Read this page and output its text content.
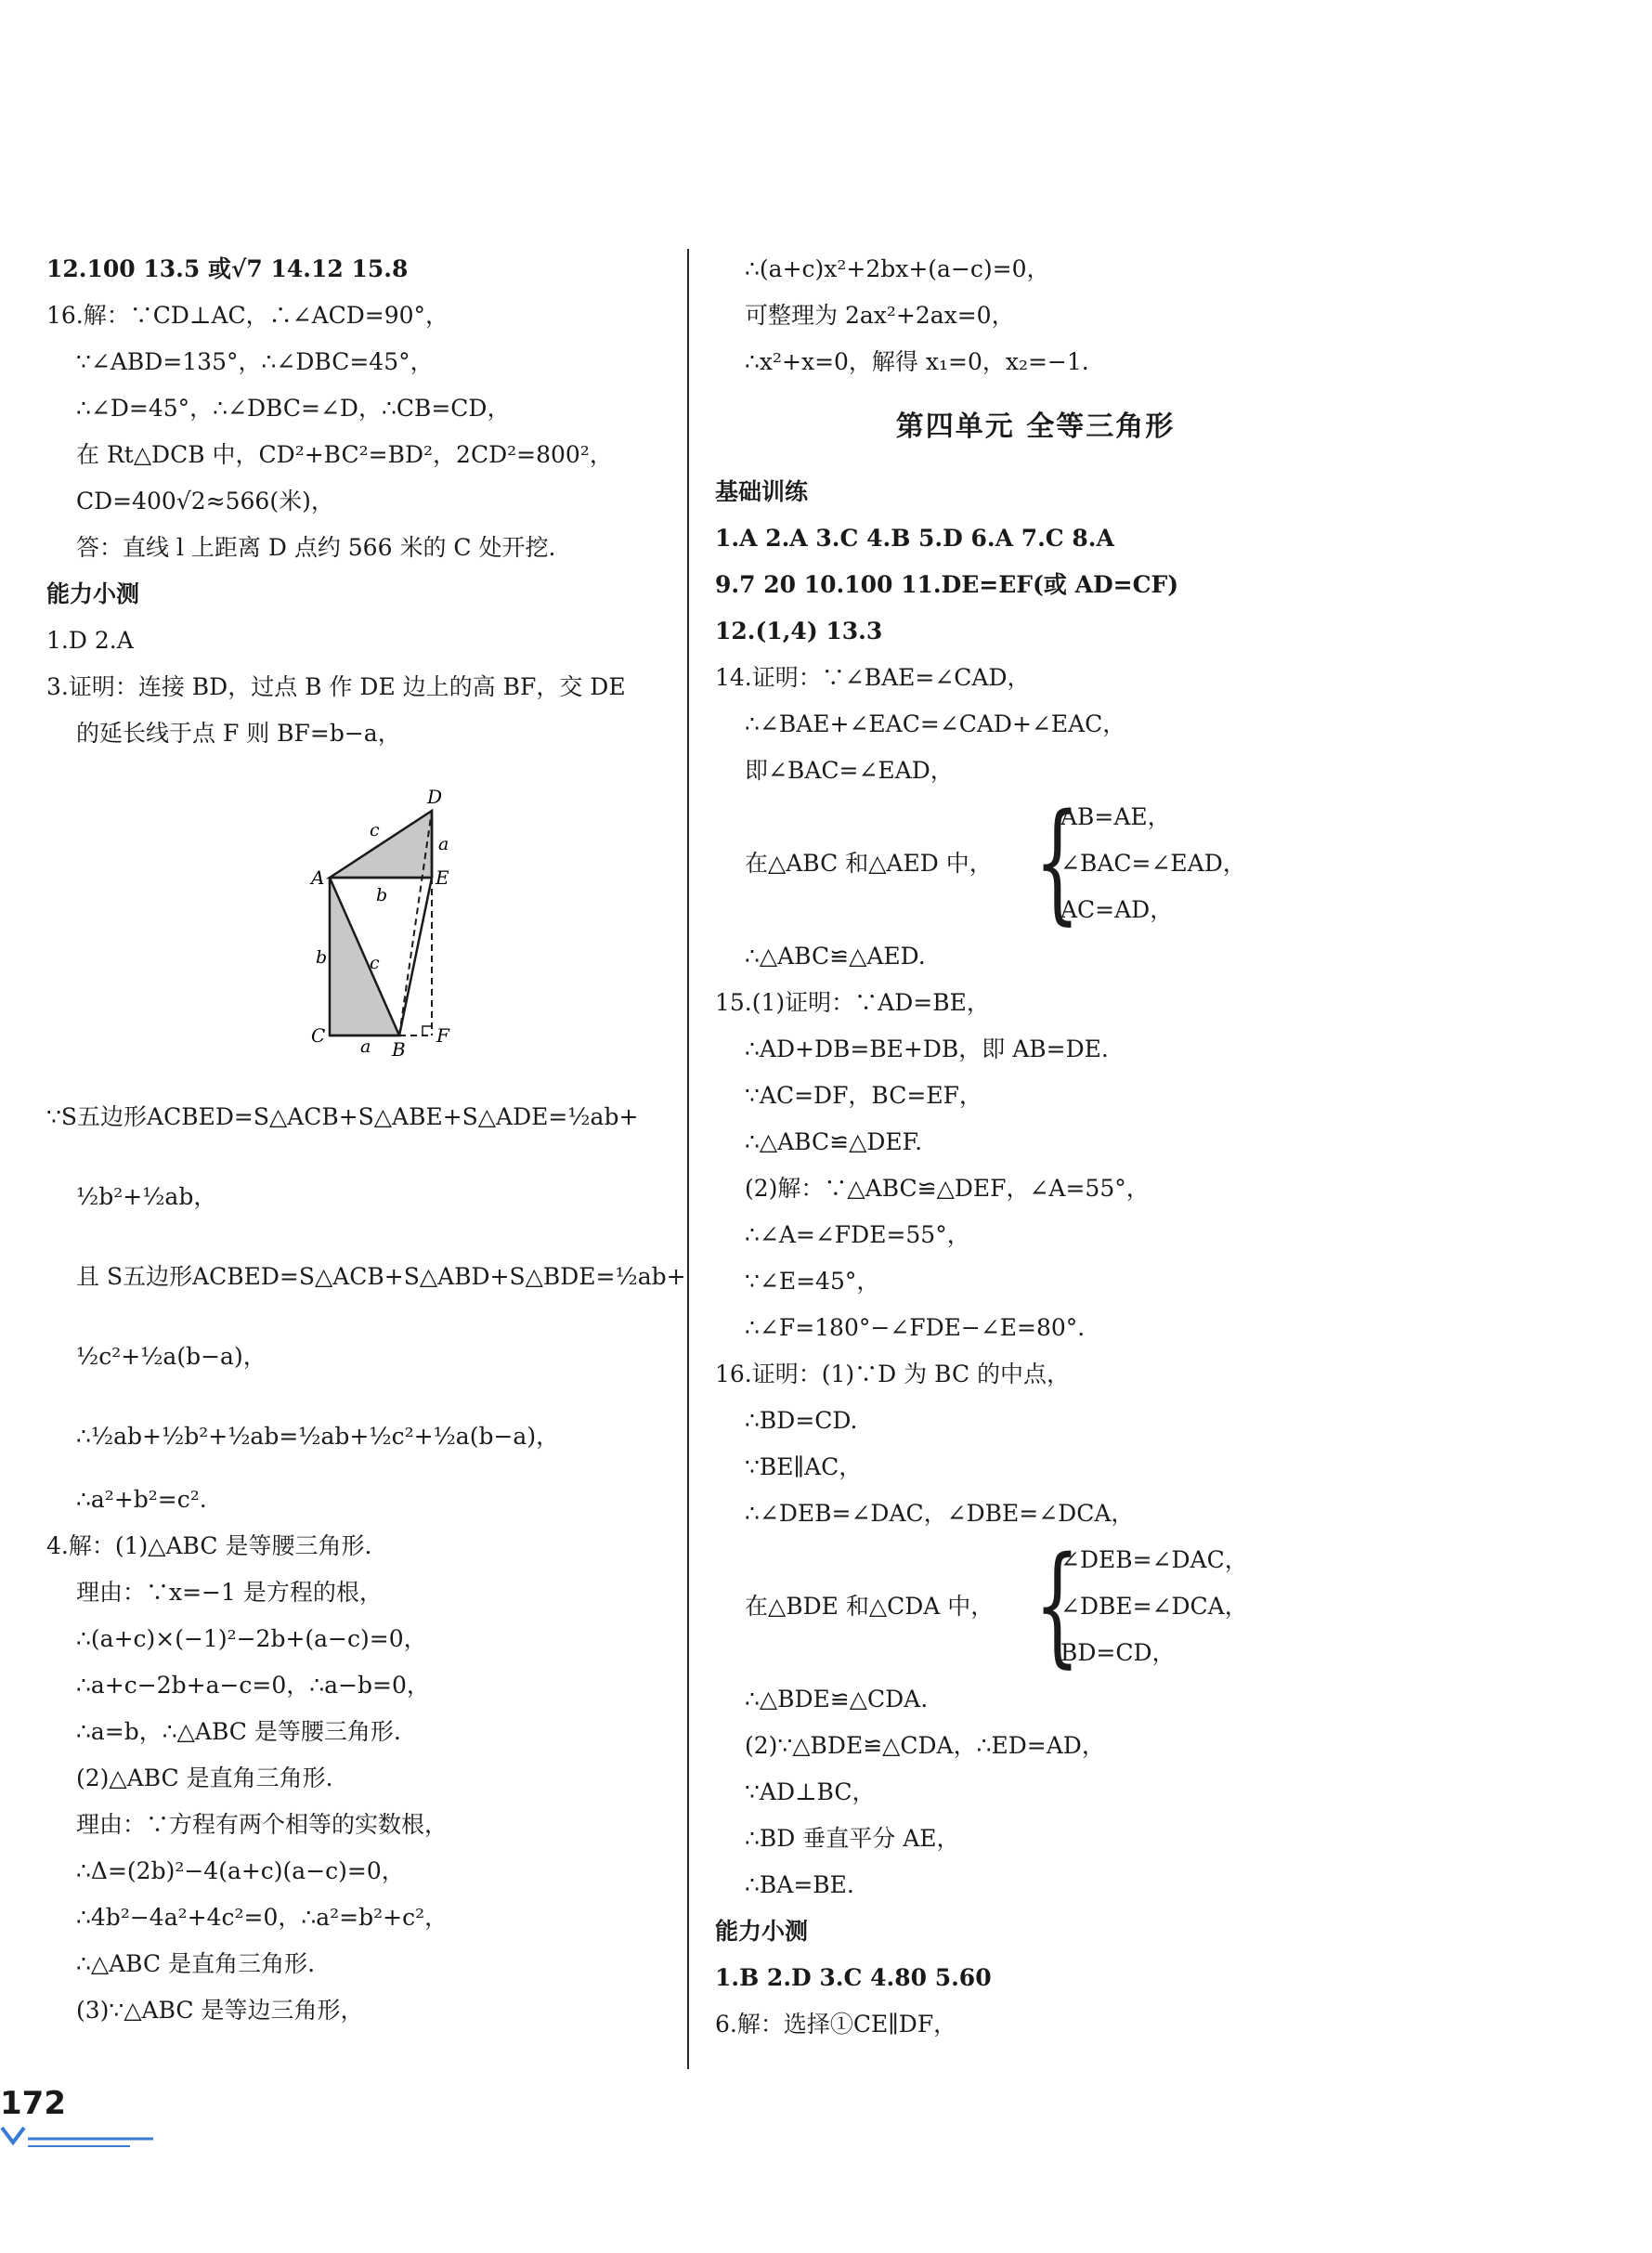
12.100 13.5 或√7 14.12 15.8
16.解：∵CD⊥AC，∴∠ACD=90°，
∵∠ABD=135°，∴∠DBC=45°，
∴∠D=45°，∴∠DBC=∠D，∴CB=CD，
在 Rt△DCB 中，CD²+BC²=BD²，2CD²=800²，
CD=400√2≈566(米)，
答：直线 l 上距离 D 点约 566 米的 C 处开挖.
能力小测
1.D 2.A
3.证明：连接 BD，过点 B 作 DE 边上的高 BF，交 DE
的延长线于点 F 则 BF=b−a，
D
A	E
C
B
F
a
a
b
b
c
c
∵S五边形ACBED=S△ACB+S△ABE+S△ADE=½ab+
½b²+½ab，
且 S五边形ACBED=S△ACB+S△ABD+S△BDE=½ab+
½c²+½a(b−a)，
∴½ab+½b²+½ab=½ab+½c²+½a(b−a)，
∴a²+b²=c².
4.解：(1)△ABC 是等腰三角形.
理由：∵x=−1 是方程的根，
∴(a+c)×(−1)²−2b+(a−c)=0，
∴a+c−2b+a−c=0，∴a−b=0，
∴a=b，∴△ABC 是等腰三角形.
(2)△ABC 是直角三角形.
理由：∵方程有两个相等的实数根，
∴Δ=(2b)²−4(a+c)(a−c)=0，
∴4b²−4a²+4c²=0，∴a²=b²+c²，
∴△ABC 是直角三角形.
(3)∵△ABC 是等边三角形，
∴(a+c)x²+2bx+(a−c)=0，
可整理为 2ax²+2ax=0，
∴x²+x=0，解得 x₁=0，x₂=−1.
第四单元 全等三角形
基础训练
1.A 2.A 3.C 4.B 5.D 6.A 7.C 8.A
9.7 20 10.100 11.DE=EF(或 AD=CF)
12.(1,4) 13.3
14.证明：∵∠BAE=∠CAD，
∴∠BAE+∠EAC=∠CAD+∠EAC，
即∠BAC=∠EAD，
在△ABC 和△AED 中， {
AB=AE，
∠BAC=∠EAD，
AC=AD，
∴△ABC≌△AED.
15.(1)证明：∵AD=BE，
∴AD+DB=BE+DB，即 AB=DE.
∵AC=DF，BC=EF，
∴△ABC≌△DEF.
(2)解：∵△ABC≌△DEF，∠A=55°，
∴∠A=∠FDE=55°，
∵∠E=45°，
∴∠F=180°−∠FDE−∠E=80°.
16.证明：(1)∵D 为 BC 的中点，
∴BD=CD.
∵BE∥AC，
∴∠DEB=∠DAC，∠DBE=∠DCA，
在△BDE 和△CDA 中， {
∠DEB=∠DAC，
∠DBE=∠DCA，
BD=CD，
∴△BDE≌△CDA.
(2)∵△BDE≌△CDA，∴ED=AD，
∵AD⊥BC，
∴BD 垂直平分 AE，
∴BA=BE.
能力小测
1.B 2.D 3.C 4.80 5.60
6.解：选择①CE∥DF，
172
